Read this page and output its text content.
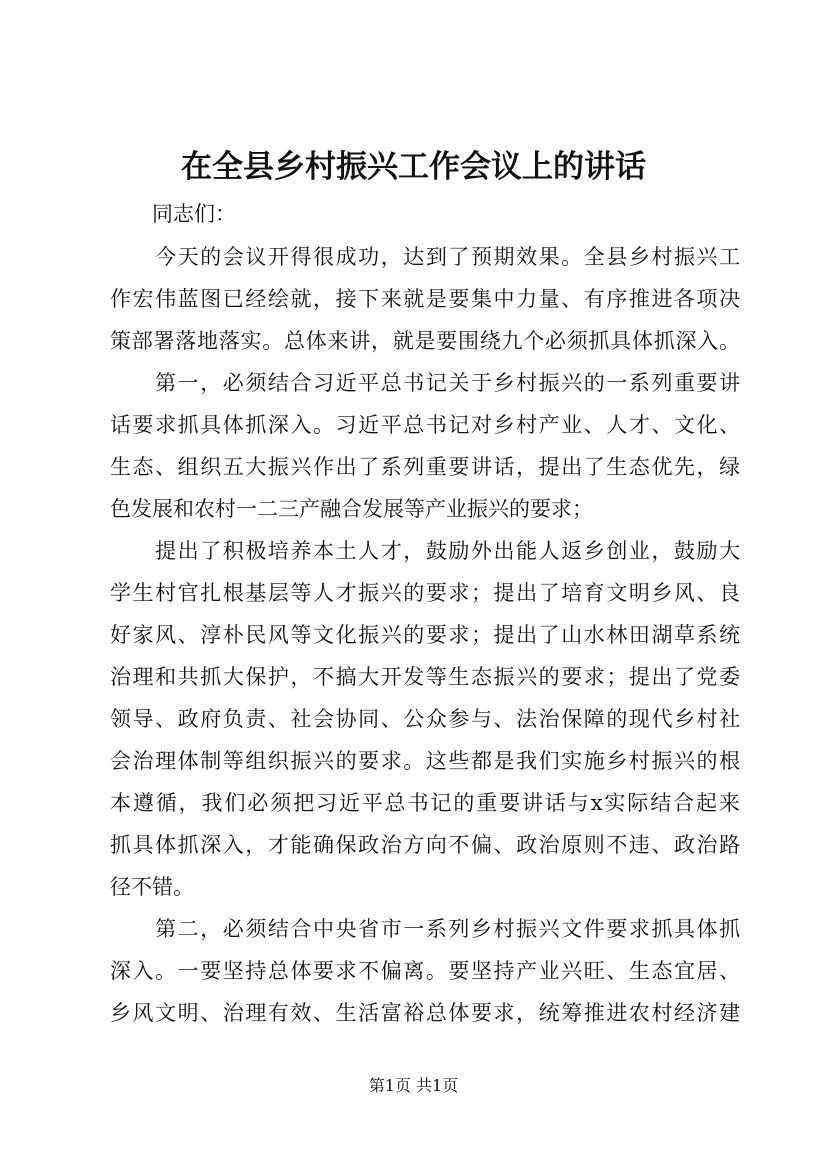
在全县乡村振兴工作会议上的讲话
　　同志们：
　　今天的会议开得很成功，达到了预期效果。全县乡村振兴工
作宏伟蓝图已经绘就，接下来就是要集中力量、有序推进各项决
策部署落地落实。总体来讲，就是要围绕九个必须抓具体抓深入。
　　第一，必须结合习近平总书记关于乡村振兴的一系列重要讲
话要求抓具体抓深入。习近平总书记对乡村产业、人才、文化、
生态、组织五大振兴作出了系列重要讲话，提出了生态优先，绿
色发展和农村一二三产融合发展等产业振兴的要求；
　　提出了积极培养本土人才，鼓励外出能人返乡创业，鼓励大
学生村官扎根基层等人才振兴的要求；提出了培育文明乡风、良
好家风、淳朴民风等文化振兴的要求；提出了山水林田湖草系统
治理和共抓大保护，不搞大开发等生态振兴的要求；提出了党委
领导、政府负责、社会协同、公众参与、法治保障的现代乡村社
会治理体制等组织振兴的要求。这些都是我们实施乡村振兴的根
本遵循，我们必须把习近平总书记的重要讲话与x实际结合起来
抓具体抓深入，才能确保政治方向不偏、政治原则不违、政治路
径不错。
　　第二，必须结合中央省市一系列乡村振兴文件要求抓具体抓
深入。一要坚持总体要求不偏离。要坚持产业兴旺、生态宜居、
乡风文明、治理有效、生活富裕总体要求，统筹推进农村经济建
第1页 共1页
